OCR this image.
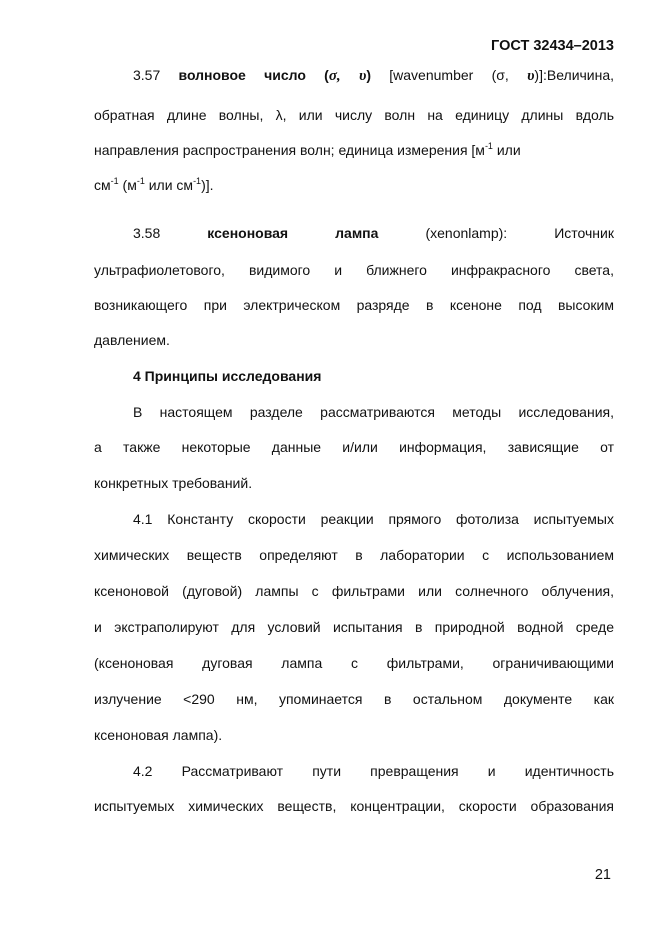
ГОСТ 32434–2013
3.57 волновое число (σ, υ) [wavenumber (σ, υ)]:Величина,
обратная длине волны, λ, или числу волн на единицу длины вдоль
направления распространения волн; единица измерения [$м^{-1}$ или
$см^{-1}$ ($м^{-1}$ или $см^{-1}$)].
3.58	ксеноновая	лампа	(xenonlamp):	Источник
ультрафиолетового, видимого и ближнего инфракрасного света,
возникающего при электрическом разряде в ксеноне под высоким
давлением.
4 Принципы исследования
В настоящем разделе рассматриваются методы исследования,
а также некоторые данные и/или информация, зависящие от
конкретных требований.
4.1 Константу скорости реакции прямого фотолиза испытуемых
химических веществ определяют в лаборатории с использованием
ксеноновой (дуговой) лампы с фильтрами или солнечного облучения,
и экстраполируют для условий испытания в природной водной среде
(ксеноновая дуговая лампа с фильтрами, ограничивающими
излучение <290 нм, упоминается в остальном документе как
ксеноновая лампа).
4.2 Рассматривают пути превращения и идентичность
испытуемых химических веществ, концентрации, скорости образования
21
